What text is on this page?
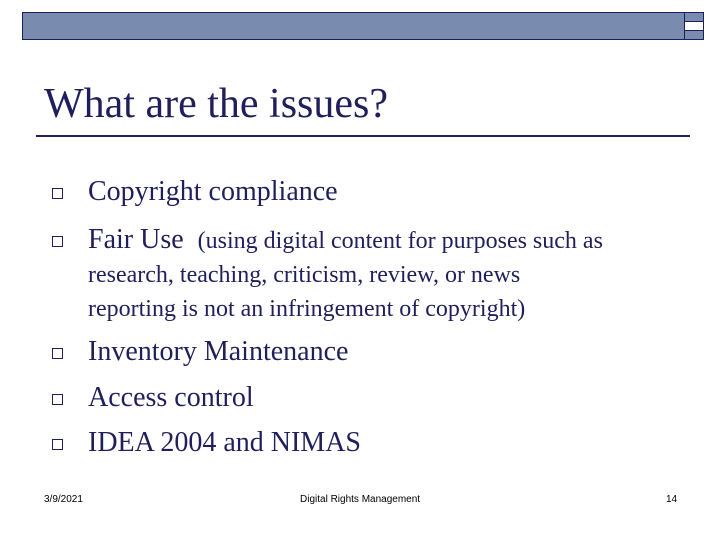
What are the issues?
Copyright compliance
Fair Use (using digital content for purposes such as
research, teaching, criticism, review, or news
reporting is not an infringement of copyright)
Inventory Maintenance
Access control
IDEA 2004 and NIMAS
3/9/2021	Digital Rights Management	14
